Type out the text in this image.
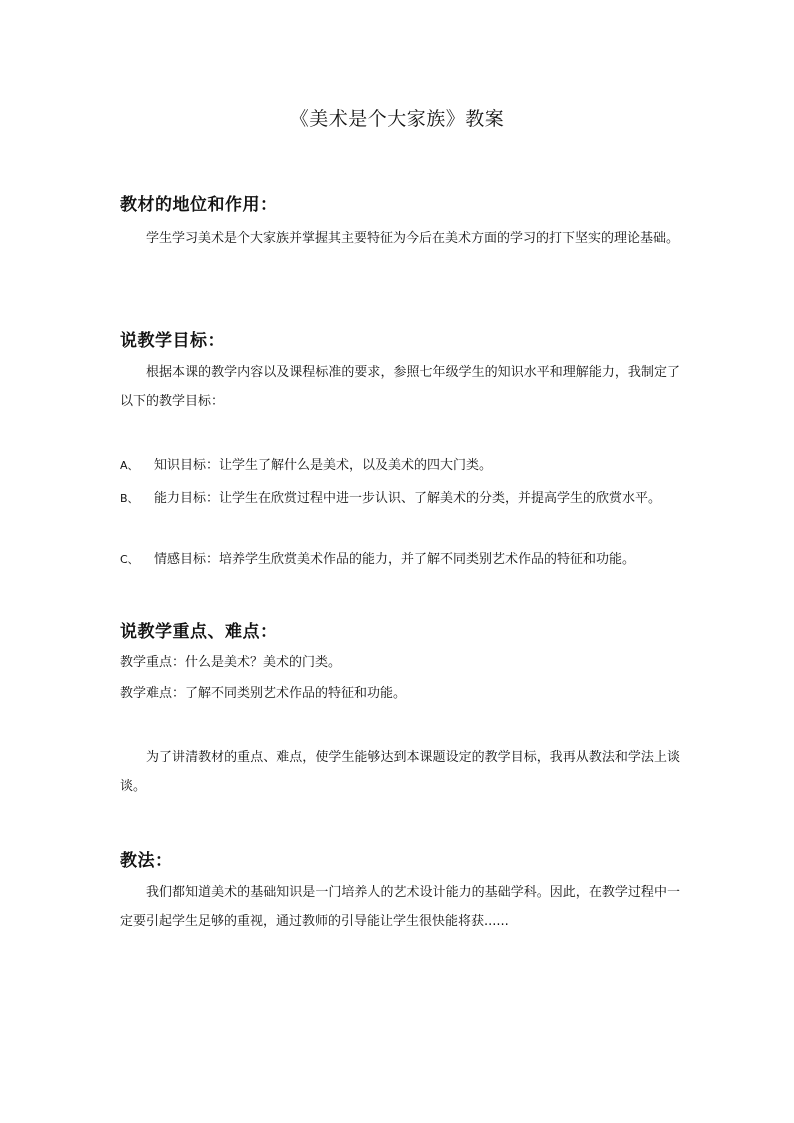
《美术是个大家族》教案
教材的地位和作用：
学生学习美术是个大家族并掌握其主要特征为今后在美术方面的学习的打下坚实的理论基础。
说教学目标：
根据本课的教学内容以及课程标准的要求，参照七年级学生的知识水平和理解能力，我制定了以下的教学目标：
A、 知识目标：让学生了解什么是美术，以及美术的四大门类。
B、 能力目标：让学生在欣赏过程中进一步认识、了解美术的分类，并提高学生的欣赏水平。
C、 情感目标：培养学生欣赏美术作品的能力，并了解不同类别艺术作品的特征和功能。
说教学重点、难点：
教学重点：什么是美术？美术的门类。
教学难点：了解不同类别艺术作品的特征和功能。
为了讲清教材的重点、难点，使学生能够达到本课题设定的教学目标，我再从教法和学法上谈谈。
教法：
我们都知道美术的基础知识是一门培养人的艺术设计能力的基础学科。因此，在教学过程中一定要引起学生足够的重视，通过教师的引导能让学生很快能将获......
